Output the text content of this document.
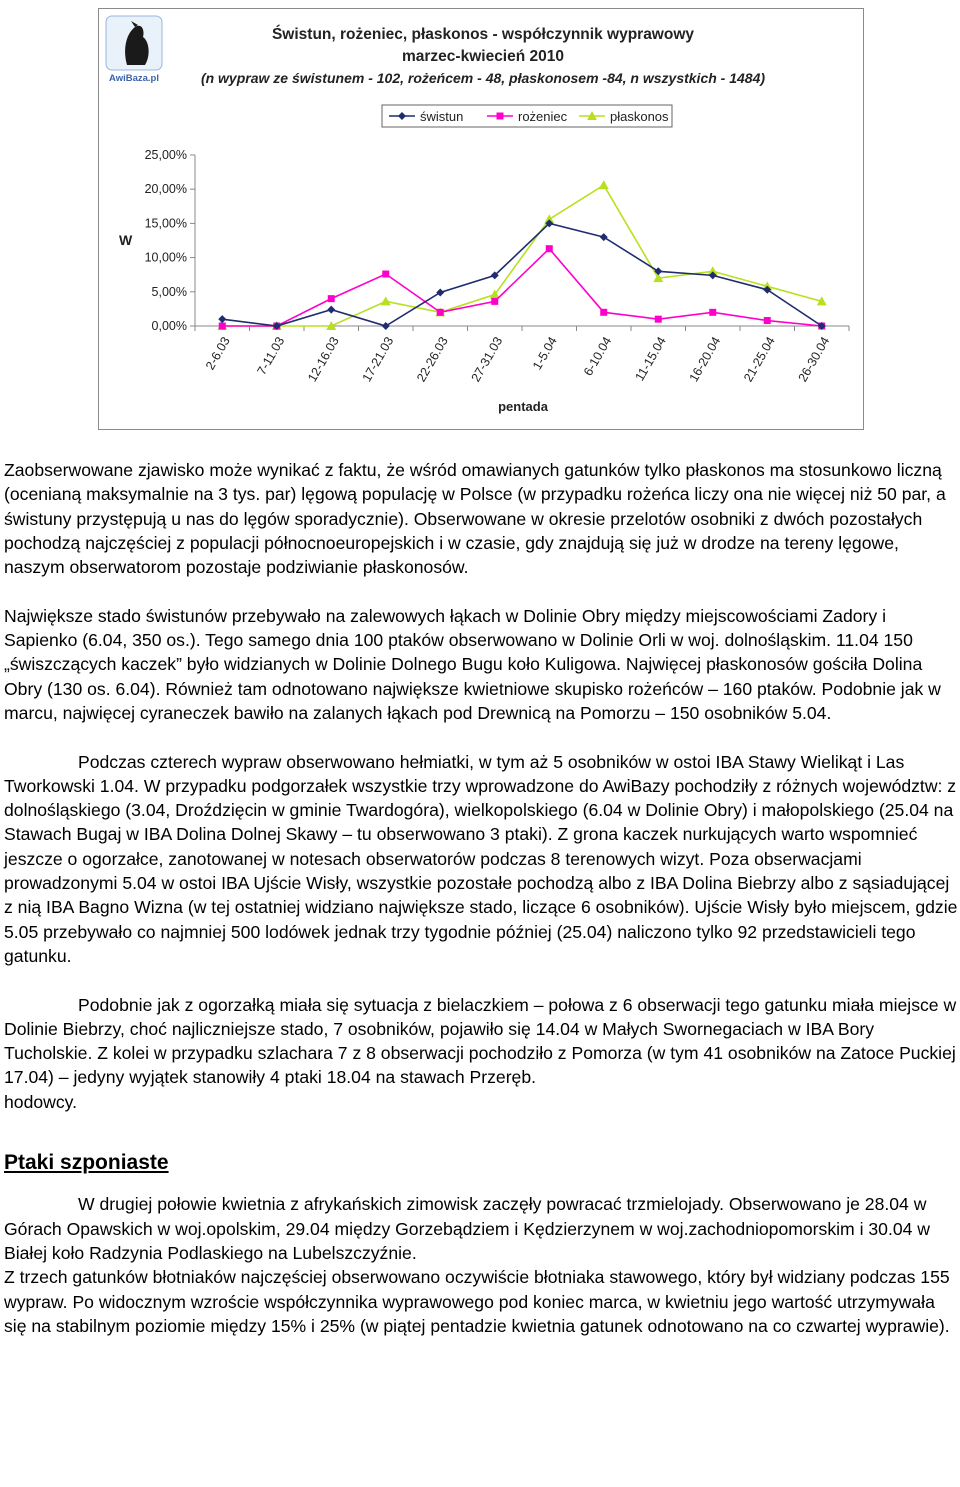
AwiBaza.pl
Świstun, rożeniec, płaskonos - współczynnik wyprawowy
marzec-kwiecień 2010
(n wypraw ze świstunem - 102, rożeńcem - 48, płaskonosem -84, n wszystkich - 1484)
świstun	rożeniec	płaskonos
0,00%
5,00%
10,00%
15,00%
20,00%
25,00%
2-6.03 7-11.03 12-16.03 17-21.03 22-26.03 27-31.03 1-5.04 6-10.04 11-15.04 16-20.04 21-25.04 26-30.04
W
pentada

Zaobserwowane zjawisko może wynikać z faktu, że wśród omawianych gatunków tylko płaskonos ma stosunkowo liczną (ocenianą maksymalnie na 3 tys. par) lęgową populację w Polsce (w przypadku rożeńca liczy ona nie więcej niż 50 par, a świstuny przystępują u nas do lęgów sporadycznie). Obserwowane w okresie przelotów osobniki z dwóch pozostałych pochodzą najczęściej z populacji północnoeuropejskich i w czasie, gdy znajdują się już w drodze na tereny lęgowe, naszym obserwatorom pozostaje podziwianie płaskonosów.

Największe stado świstunów przebywało na zalewowych łąkach w Dolinie Obry między miejscowościami Zadory i Sapienko (6.04, 350 os.). Tego samego dnia 100 ptaków obserwowano w Dolinie Orli w woj. dolnośląskim. 11.04 150 „świszczących kaczek” było widzianych w Dolinie Dolnego Bugu koło Kuligowa. Najwięcej płaskonosów gościła Dolina Obry (130 os. 6.04). Również tam odnotowano największe kwietniowe skupisko rożeńców – 160 ptaków. Podobnie jak w marcu, najwięcej cyraneczek bawiło na zalanych łąkach pod Drewnicą na Pomorzu – 150 osobników 5.04.

Podczas czterech wypraw obserwowano hełmiatki, w tym aż 5 osobników w ostoi IBA Stawy Wielikąt i Las Tworkowski 1.04. W przypadku podgorzałek wszystkie trzy wprowadzone do AwiBazy pochodziły z różnych województw: z dolnośląskiego (3.04, Droździęcin w gminie Twardogóra), wielkopolskiego (6.04 w Dolinie Obry) i małopolskiego (25.04 na Stawach Bugaj w IBA Dolina Dolnej Skawy – tu obserwowano 3 ptaki). Z grona kaczek nurkujących warto wspomnieć jeszcze o ogorzałce, zanotowanej w notesach obserwatorów podczas 8 terenowych wizyt. Poza obserwacjami prowadzonymi 5.04 w ostoi IBA Ujście Wisły, wszystkie pozostałe pochodzą albo z IBA Dolina Biebrzy albo z sąsiadującej z nią IBA Bagno Wizna (w tej ostatniej widziano największe stado, liczące 6 osobników). Ujście Wisły było miejscem, gdzie 5.05 przebywało co najmniej 500 lodówek jednak trzy tygodnie później (25.04) naliczono tylko 92 przedstawicieli tego gatunku.

Podobnie jak z ogorzałką miała się sytuacja z bielaczkiem – połowa z 6 obserwacji tego gatunku miała miejsce w Dolinie Biebrzy, choć najliczniejsze stado, 7 osobników, pojawiło się 14.04 w Małych Swornegaciach w IBA Bory Tucholskie. Z kolei w przypadku szlachara 7 z 8 obserwacji pochodziło z Pomorza (w tym 41 osobników na Zatoce Puckiej 17.04) – jedyny wyjątek stanowiły 4 ptaki 18.04 na stawach Przeręb.

hodowcy.

Ptaki szponiaste

W drugiej połowie kwietnia z afrykańskich zimowisk zaczęły powracać trzmielojady. Obserwowano je 28.04 w Górach Opawskich w woj.opolskim, 29.04 między Gorzebądziem i Kędzierzynem w woj.zachodniopomorskim i 30.04 w Białej koło Radzynia Podlaskiego na Lubelszczyźnie.

Z trzech gatunków błotniaków najczęściej obserwowano oczywiście błotniaka stawowego, który był widziany podczas 155 wypraw. Po widocznym wzroście współczynnika wyprawowego pod koniec marca, w kwietniu jego wartość utrzymywała się na stabilnym poziomie między 15% i 25% (w piątej pentadzie kwietnia gatunek odnotowano na co czwartej wyprawie).
